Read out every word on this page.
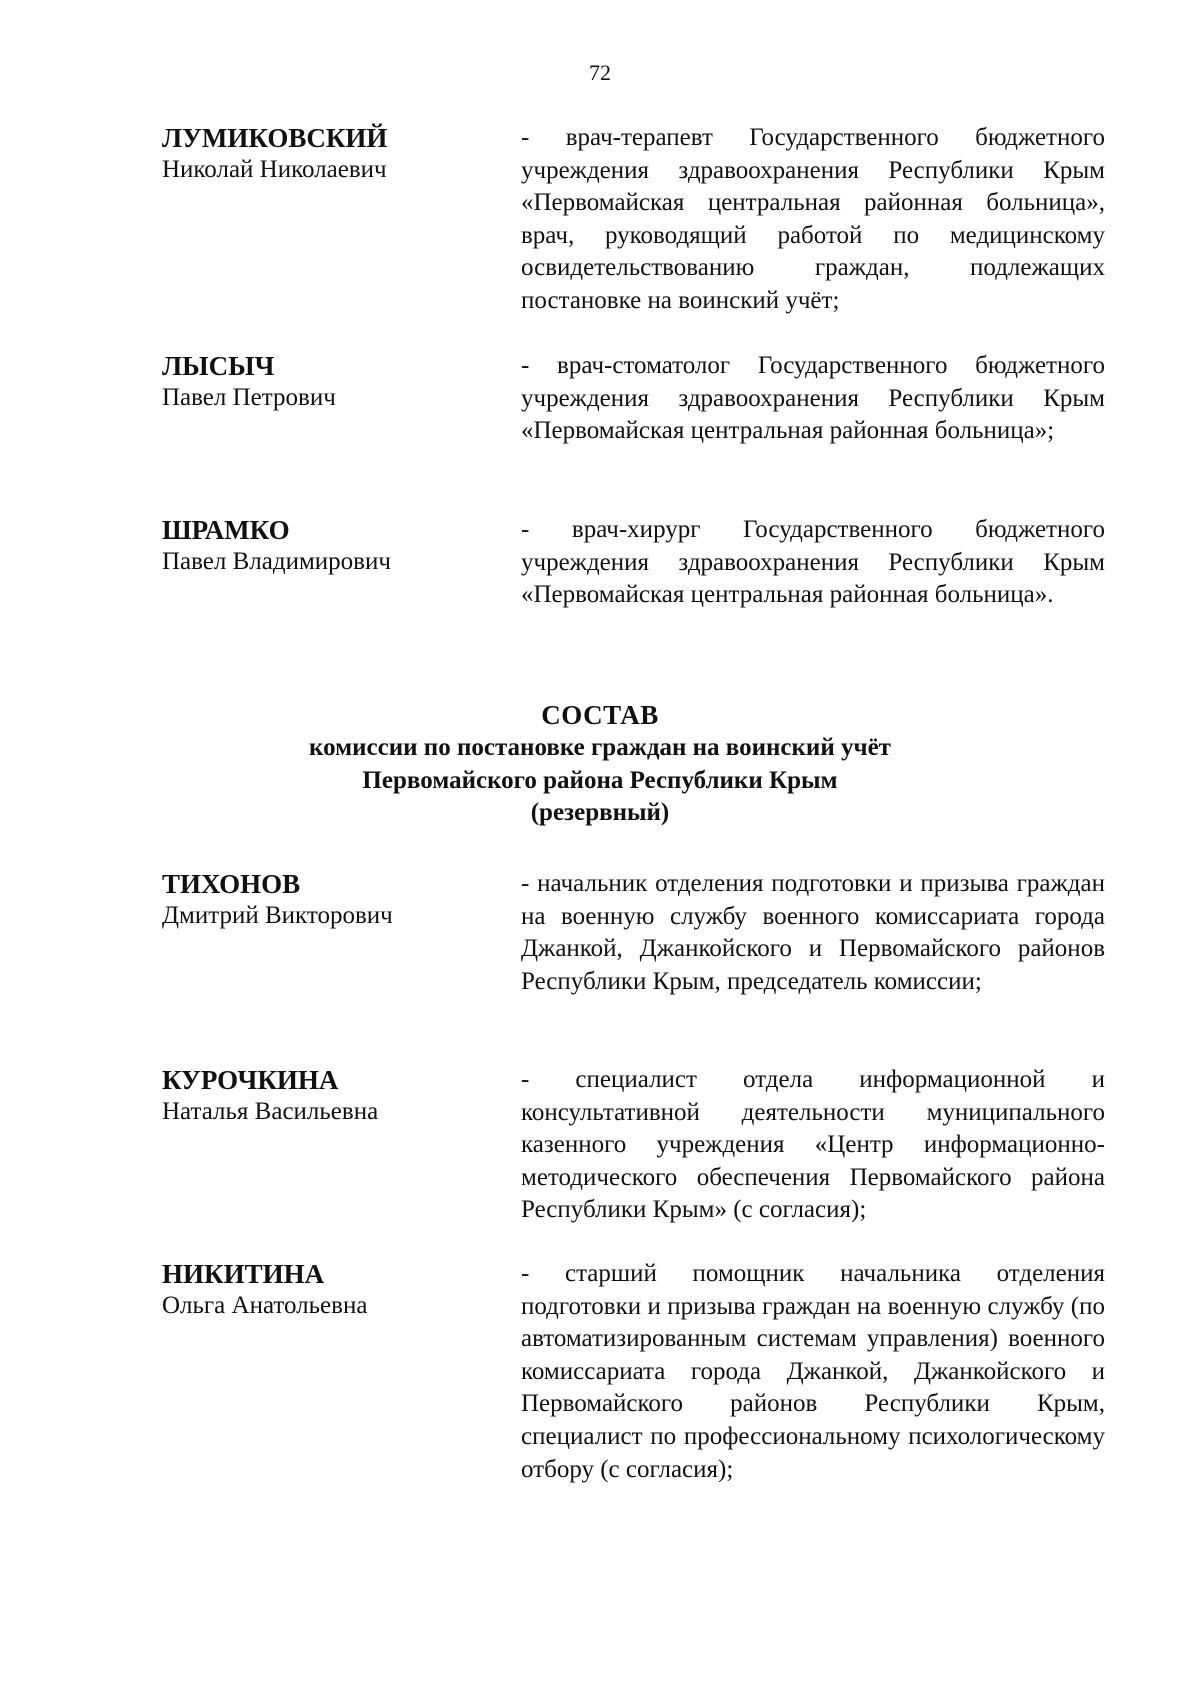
72
ЛУМИКОВСКИЙ
Николай Николаевич
- врач-терапевт Государственного бюджетного учреждения здравоохранения Республики Крым «Первомайская центральная районная больница», врач, руководящий работой по медицинскому освидетельствованию граждан, подлежащих постановке на воинский учёт;
ЛЫСЫЧ
Павел Петрович
- врач-стоматолог Государственного бюджетного учреждения здравоохранения Республики Крым «Первомайская центральная районная больница»;
ШРАМКО
Павел Владимирович
- врач-хирург Государственного бюджетного учреждения здравоохранения Республики Крым «Первомайская центральная районная больница».
СОСТАВ
комиссии по постановке граждан на воинский учёт
Первомайского района Республики Крым
(резервный)
ТИХОНОВ
Дмитрий Викторович
- начальник отделения подготовки и призыва граждан на военную службу военного комиссариата города Джанкой, Джанкойского и Первомайского районов Республики Крым, председатель комиссии;
КУРОЧКИНА
Наталья Васильевна
- специалист отдела информационной и консультативной деятельности муниципального казенного учреждения «Центр информационно-методического обеспечения Первомайского района Республики Крым» (с согласия);
НИКИТИНА
Ольга Анатольевна
- старший помощник начальника отделения подготовки и призыва граждан на военную службу (по автоматизированным системам управления) военного комиссариата города Джанкой, Джанкойского и Первомайского районов Республики Крым, специалист по профессиональному психологическому отбору (с согласия);
